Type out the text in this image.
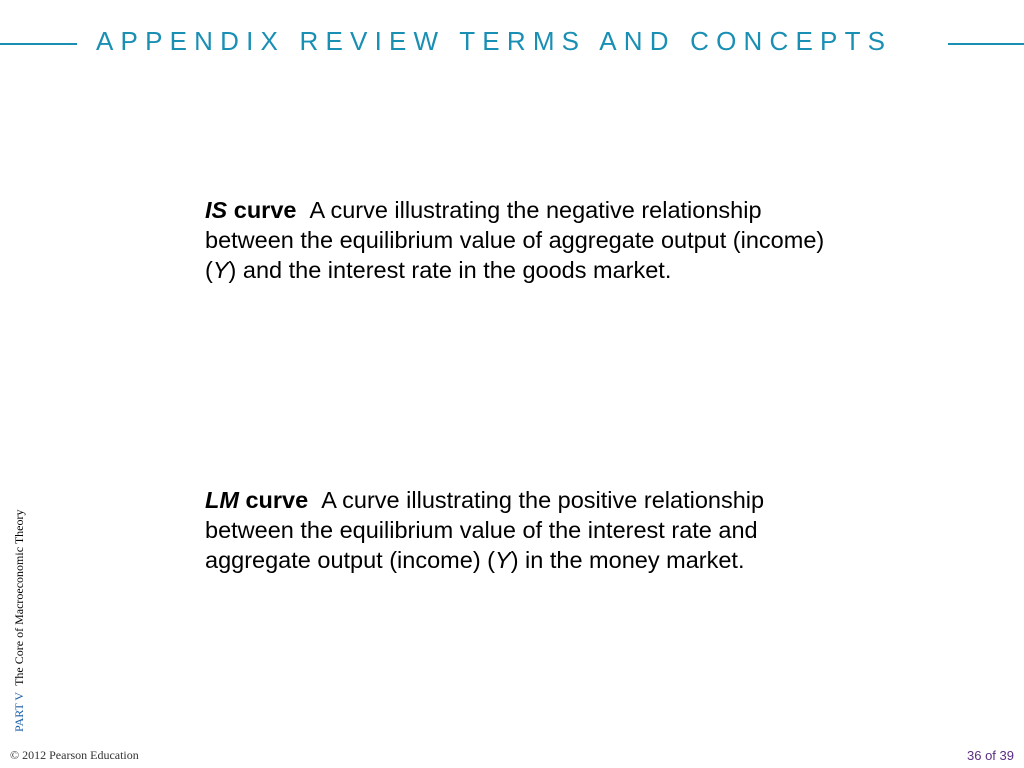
APPENDIX REVIEW TERMS AND CONCEPTS
IS curve A curve illustrating the negative relationship between the equilibrium value of aggregate output (income) (Y) and the interest rate in the goods market.
LM curve A curve illustrating the positive relationship between the equilibrium value of the interest rate and aggregate output (income) (Y) in the money market.
PART V  The Core of Macroeconomic Theory
© 2012 Pearson Education	36 of 39
